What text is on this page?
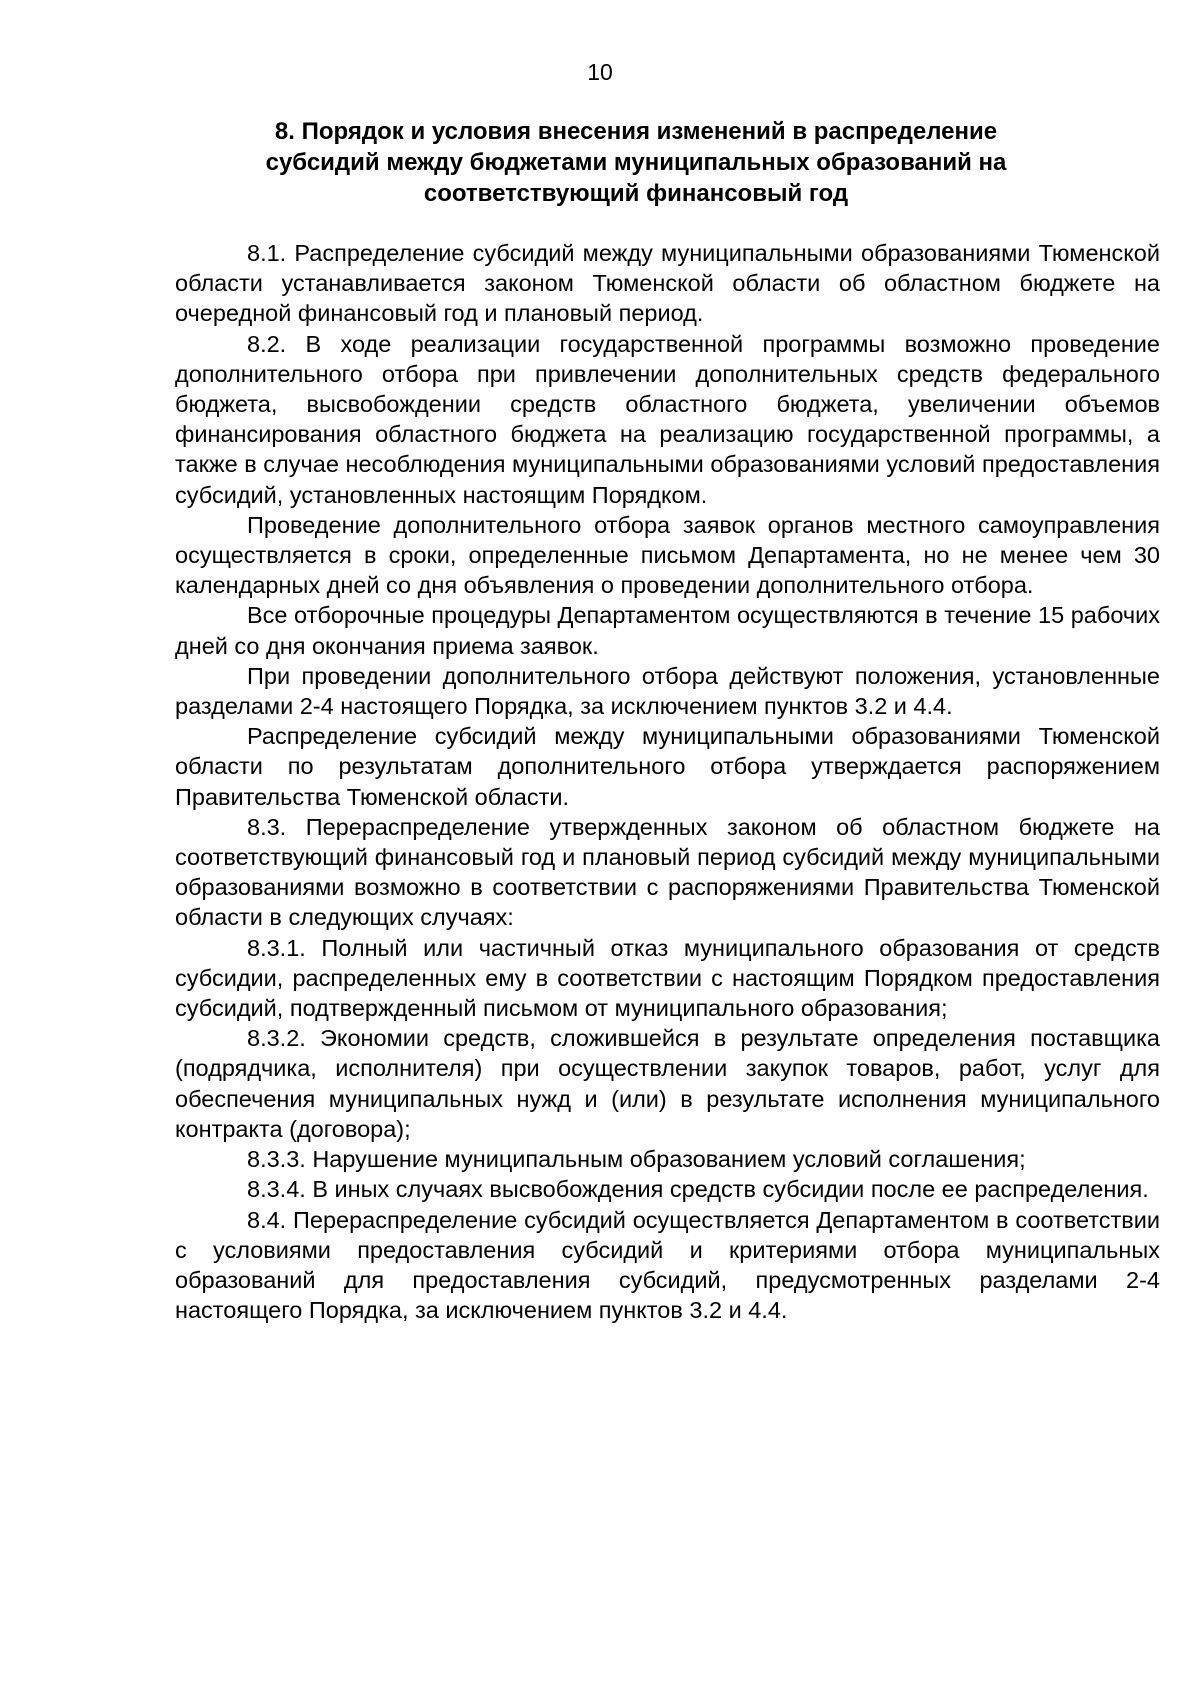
10
8. Порядок и условия внесения изменений в распределение
субсидий между бюджетами муниципальных образований на
соответствующий финансовый год

8.1. Распределение субсидий между муниципальными образованиями Тюменской области устанавливается законом Тюменской области об областном бюджете на очередной финансовый год и плановый период.

8.2. В ходе реализации государственной программы возможно проведение дополнительного отбора при привлечении дополнительных средств федерального бюджета, высвобождении средств областного бюджета, увеличении объемов финансирования областного бюджета на реализацию государственной программы, а также в случае несоблюдения муниципальными образованиями условий предоставления субсидий, установленных настоящим Порядком.

Проведение дополнительного отбора заявок органов местного самоуправления осуществляется в сроки, определенные письмом Департамента, но не менее чем 30 календарных дней со дня объявления о проведении дополнительного отбора.

Все отборочные процедуры Департаментом осуществляются в течение 15 рабочих дней со дня окончания приема заявок.

При проведении дополнительного отбора действуют положения, установленные разделами 2-4 настоящего Порядка, за исключением пунктов 3.2 и 4.4.

Распределение субсидий между муниципальными образованиями Тюменской области по результатам дополнительного отбора утверждается распоряжением Правительства Тюменской области.

8.3. Перераспределение утвержденных законом об областном бюджете на соответствующий финансовый год и плановый период субсидий между муниципальными образованиями возможно в соответствии с распоряжениями Правительства Тюменской области в следующих случаях:

8.3.1. Полный или частичный отказ муниципального образования от средств субсидии, распределенных ему в соответствии с настоящим Порядком предоставления субсидий, подтвержденный письмом от муниципального образования;

8.3.2. Экономии средств, сложившейся в результате определения поставщика (подрядчика, исполнителя) при осуществлении закупок товаров, работ, услуг для обеспечения муниципальных нужд и (или) в результате исполнения муниципального контракта (договора);

8.3.3. Нарушение муниципальным образованием условий соглашения;

8.3.4. В иных случаях высвобождения средств субсидии после ее распределения.

8.4. Перераспределение субсидий осуществляется Департаментом в соответствии с условиями предоставления субсидий и критериями отбора муниципальных образований для предоставления субсидий, предусмотренных разделами 2-4 настоящего Порядка, за исключением пунктов 3.2 и 4.4.
